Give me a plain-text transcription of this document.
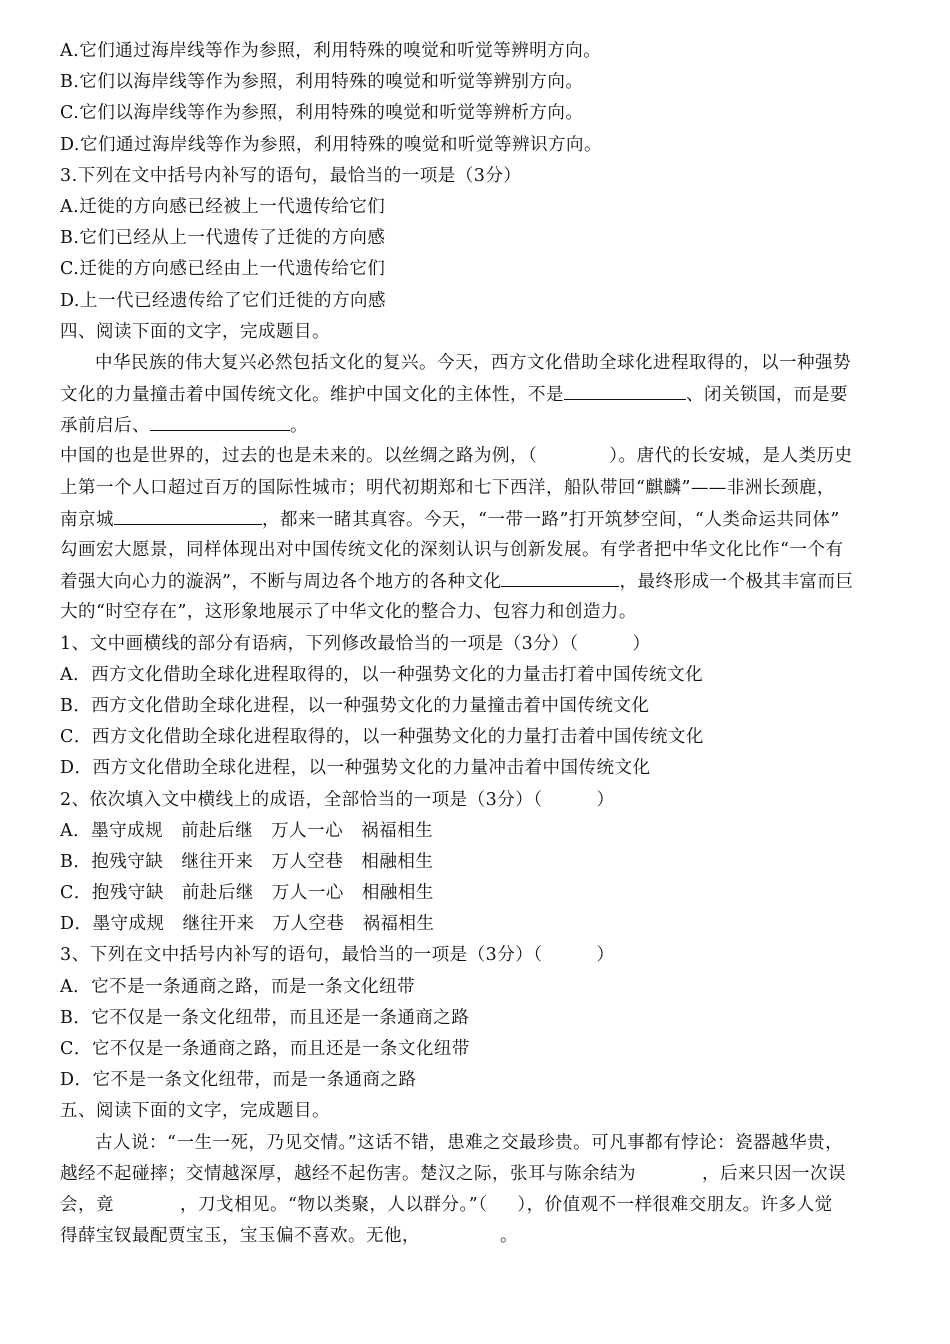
A.它们通过海岸线等作为参照，利用特殊的嗅觉和听觉等辨明方向。
B.它们以海岸线等作为参照，利用特殊的嗅觉和听觉等辨别方向。
C.它们以海岸线等作为参照，利用特殊的嗅觉和听觉等辨析方向。
D.它们通过海岸线等作为参照，利用特殊的嗅觉和听觉等辨识方向。
3.下列在文中括号内补写的语句，最恰当的一项是（3分）
A.迁徙的方向感已经被上一代遗传给它们
B.它们已经从上一代遗传了迁徙的方向感
C.迁徙的方向感已经由上一代遗传给它们
D.上一代已经遗传给了它们迁徙的方向感
四、阅读下面的文字，完成题目。
中华民族的伟大复兴必然包括文化的复兴。今天，西方文化借助全球化进程取得的，以一种强势
文化的力量撞击着中国传统文化。维护中国文化的主体性，不是	、闭关锁国，而是要
承前启后、	。
中国的也是世界的，过去的也是未来的。以丝绸之路为例，（	）。唐代的长安城，是人类历史
上第一个人口超过百万的国际性城市；明代初期郑和七下西洋，船队带回“麒麟”——非洲长颈鹿，
南京城	，都来一睹其真容。今天，“一带一路”打开筑梦空间，“人类命运共同体”
勾画宏大愿景，同样体现出对中国传统文化的深刻认识与创新发展。有学者把中华文化比作“一个有
着强大向心力的漩涡”，不断与周边各个地方的各种文化	，最终形成一个极其丰富而巨
大的“时空存在”，这形象地展示了中华文化的整合力、包容力和创造力。
1、文中画横线的部分有语病，下列修改最恰当的一项是（3分）（　　　）
A．西方文化借助全球化进程取得的，以一种强势文化的力量击打着中国传统文化
B．西方文化借助全球化进程，以一种强势文化的力量撞击着中国传统文化
C．西方文化借助全球化进程取得的，以一种强势文化的力量打击着中国传统文化
D．西方文化借助全球化进程，以一种强势文化的力量冲击着中国传统文化
2、依次填入文中横线上的成语，全部恰当的一项是（3分）（　　　）
A．墨守成规　前赴后继　万人一心　祸福相生
B．抱残守缺　继往开来　万人空巷　相融相生
C．抱残守缺　前赴后继　万人一心　相融相生
D．墨守成规　继往开来　万人空巷　祸福相生
3、下列在文中括号内补写的语句，最恰当的一项是（3分）（　　　）
A．它不是一条通商之路，而是一条文化纽带
B．它不仅是一条文化纽带，而且还是一条通商之路
C．它不仅是一条通商之路，而且还是一条文化纽带
D．它不是一条文化纽带，而是一条通商之路
五、阅读下面的文字，完成题目。
古人说：“一生一死，乃见交情。”这话不错，患难之交最珍贵。可凡事都有悖论：瓷器越华贵，
越经不起碰摔；交情越深厚，越经不起伤害。楚汉之际，张耳与陈余结为	，后来只因一次误
会，竟	，刀戈相见。“物以类聚，人以群分。”（ ），价值观不一样很难交朋友。许多人觉
得薛宝钗最配贾宝玉，宝玉偏不喜欢。无他，	。
